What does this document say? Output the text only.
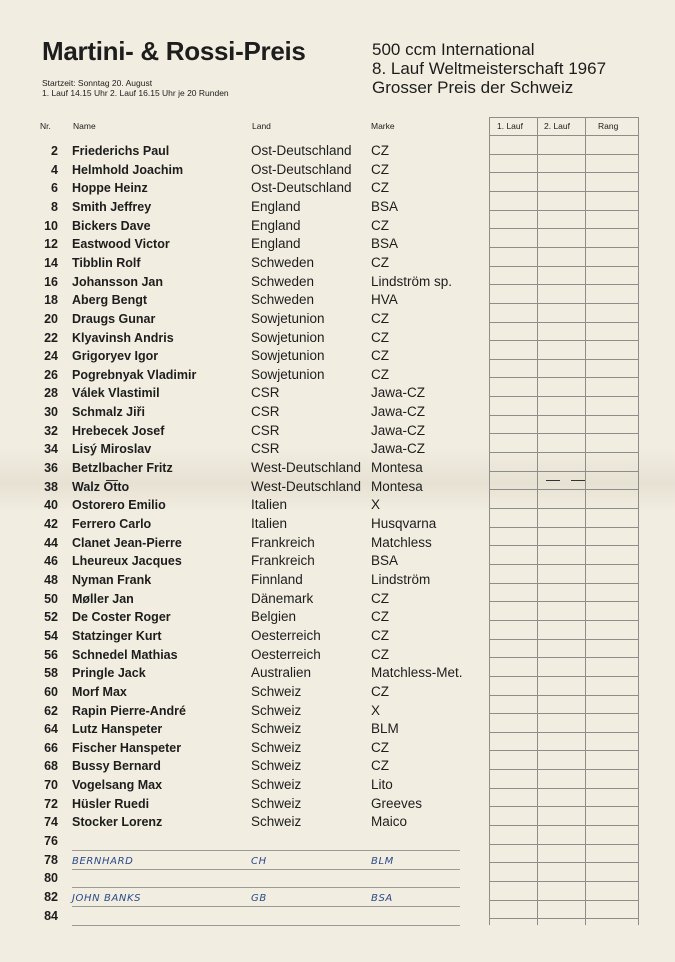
Martini- & Rossi-Preis
Startzeit: Sonntag 20. August
1. Lauf 14.15 Uhr 2. Lauf 16.15 Uhr je 20 Runden
500 ccm International
8. Lauf Weltmeisterschaft 1967
Grosser Preis der Schweiz
Nr.	Name	Land	Marke	1. Lauf 2. Lauf	Rang
2 Friederichs Paul	Ost-Deutschland CZ
4 Helmhold Joachim	Ost-Deutschland CZ
6 Hoppe Heinz	Ost-Deutschland CZ
8 Smith Jeffrey	England	BSA
10 Bickers Dave	England	CZ
12 Eastwood Victor	England	BSA
14 Tibblin Rolf	Schweden	CZ
16 Johansson Jan	Schweden	Lindström sp.
18 Aberg Bengt	Schweden	HVA
20 Draugs Gunar	Sowjetunion	CZ
22 Klyavinsh Andris	Sowjetunion	CZ
24 Grigoryev Igor	Sowjetunion	CZ
26 Pogrebnyak Vladimir	Sowjetunion	CZ
28 Válek Vlastimil	CSR	Jawa-CZ
30 Schmalz Jiři	CSR	Jawa-CZ
32 Hrebecek Josef	CSR	Jawa-CZ
34 Lisý Miroslav	CSR	Jawa-CZ
36 Betzlbacher Fritz	West-Deutschland Montesa
38 Walz Otto	West-Deutschland Montesa
40 Ostorero Emilio	Italien	X
42 Ferrero Carlo	Italien	Husqvarna
44 Clanet Jean-Pierre	Frankreich	Matchless
46 Lheureux Jacques	Frankreich	BSA
48 Nyman Frank	Finnland	Lindström
50 Møller Jan	Dänemark	CZ
52 De Coster Roger	Belgien	CZ
54 Statzinger Kurt	Oesterreich	CZ
56 Schnedel Mathias	Oesterreich	CZ
58 Pringle Jack	Australien	Matchless-Met.
60 Morf Max	Schweiz	CZ
62 Rapin Pierre-André	Schweiz	X
64 Lutz Hanspeter	Schweiz	BLM
66 Fischer Hanspeter	Schweiz	CZ
68 Bussy Bernard	Schweiz	CZ
70 Vogelsang Max	Schweiz	Lito
72 Hüsler Ruedi	Schweiz	Greeves
74 Stocker Lorenz	Schweiz	Maico
76
78 BERNHARD	CH	BLM
80
82 JOHN BANKS	GB	BSA
84
